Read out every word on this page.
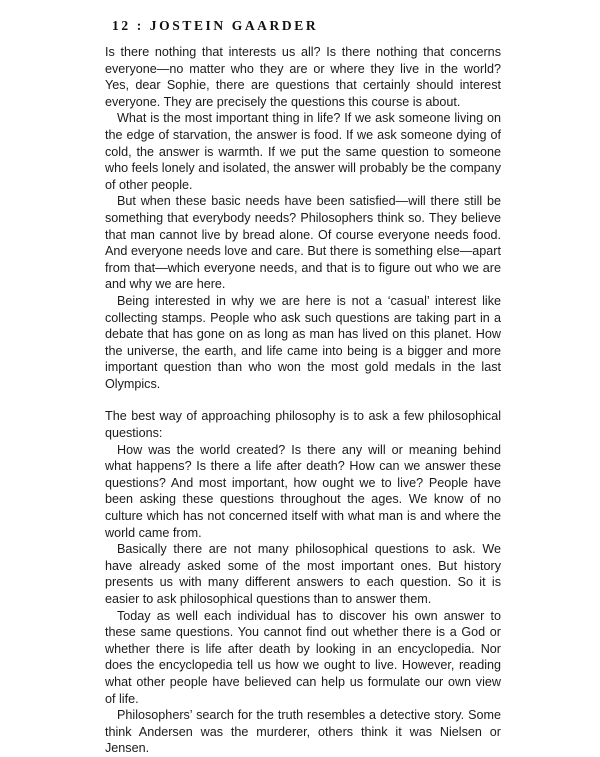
12 : JOSTEIN GAARDER

Is there nothing that interests us all? Is there nothing that concerns everyone—no matter who they are or where they live in the world? Yes, dear Sophie, there are questions that certainly should interest everyone. They are precisely the questions this course is about.

What is the most important thing in life? If we ask someone living on the edge of starvation, the answer is food. If we ask someone dying of cold, the answer is warmth. If we put the same question to someone who feels lonely and isolated, the answer will probably be the company of other people.

But when these basic needs have been satisfied—will there still be something that everybody needs? Philosophers think so. They believe that man cannot live by bread alone. Of course everyone needs food. And everyone needs love and care. But there is something else—apart from that—which everyone needs, and that is to figure out who we are and why we are here.

Being interested in why we are here is not a ‘casual’ interest like collecting stamps. People who ask such questions are taking part in a debate that has gone on as long as man has lived on this planet. How the universe, the earth, and life came into being is a bigger and more important question than who won the most gold medals in the last Olympics.

The best way of approaching philosophy is to ask a few philosophical questions:

How was the world created? Is there any will or meaning behind what happens? Is there a life after death? How can we answer these questions? And most important, how ought we to live? People have been asking these questions throughout the ages. We know of no culture which has not concerned itself with what man is and where the world came from.

Basically there are not many philosophical questions to ask. We have already asked some of the most important ones. But history presents us with many different answers to each question. So it is easier to ask philosophical questions than to answer them.

Today as well each individual has to discover his own answer to these same questions. You cannot find out whether there is a God or whether there is life after death by looking in an encyclopedia. Nor does the encyclopedia tell us how we ought to live. However, reading what other people have believed can help us formulate our own view of life.

Philosophers’ search for the truth resembles a detective story. Some think Andersen was the murderer, others think it was Nielsen or Jensen.
